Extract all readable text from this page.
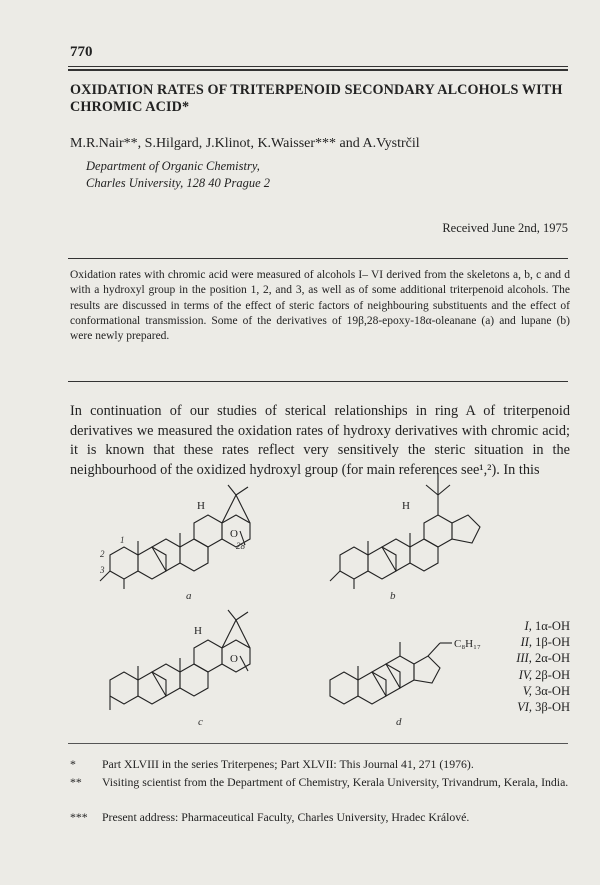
770
OXIDATION RATES OF TRITERPENOID SECONDARY ALCOHOLS WITH CHROMIC ACID*
M.R.Nair**, S.Hilgard, J.Klinot, K.Waisser*** and A.Vystrčil
Department of Organic Chemistry,
Charles University, 128 40 Prague 2
Received June 2nd, 1975
Oxidation rates with chromic acid were measured of alcohols I– VI derived from the skeletons a, b, c and d with a hydroxyl group in the position 1, 2, and 3, as well as of some additional triterpenoid alcohols. The results are discussed in terms of the effect of steric factors of neighbouring substituents and the effect of conformational transmission. Some of the derivatives of 19β,28-epoxy-18α-oleanane (a) and lupane (b) were newly prepared.
In continuation of our studies of sterical relationships in ring A of triterpenoid derivatives we measured the oxidation rates of hydroxy derivatives with chromic acid; it is known that these rates reflect very sensitively the steric situation in the neighbourhood of the oxidized hydroxyl group (for main references see¹,²). In this
H
O
28
1
2
3
a
H
b
H
O
c
C₈H₁₇
d
I, 1α-OH
II, 1β-OH
III, 2α-OH
IV, 2β-OH
V, 3α-OH
VI, 3β-OH
* Part XLVIII in the series Triterpenes; Part XLVII: This Journal 41, 271 (1976).
** Visiting scientist from the Department of Chemistry, Kerala University, Trivandrum, Kerala, India.
*** Present address: Pharmaceutical Faculty, Charles University, Hradec Králové.
